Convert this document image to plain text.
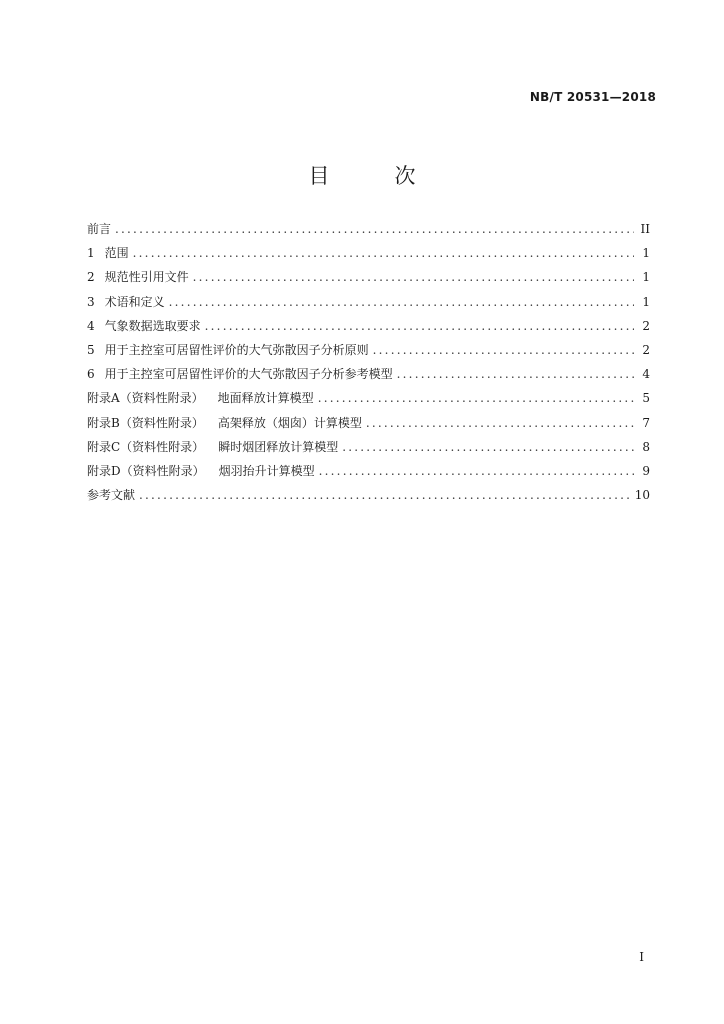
NB/T 20531—2018
目　次
前言 .....	II
1 范围 .....	1
2 规范性引用文件 .....	1
3 术语和定义 .....	1
4 气象数据选取要求 .....	2
5 用于主控室可居留性评价的大气弥散因子分析原则 .....	2
6 用于主控室可居留性评价的大气弥散因子分析参考模型 .....	4
附录A（资料性附录） 地面释放计算模型 .....	5
附录B（资料性附录） 高架释放（烟囱）计算模型 .....	7
附录C（资料性附录） 瞬时烟团释放计算模型 .....	8
附录D（资料性附录） 烟羽抬升计算模型 .....	9
参考文献 .....	10
I
